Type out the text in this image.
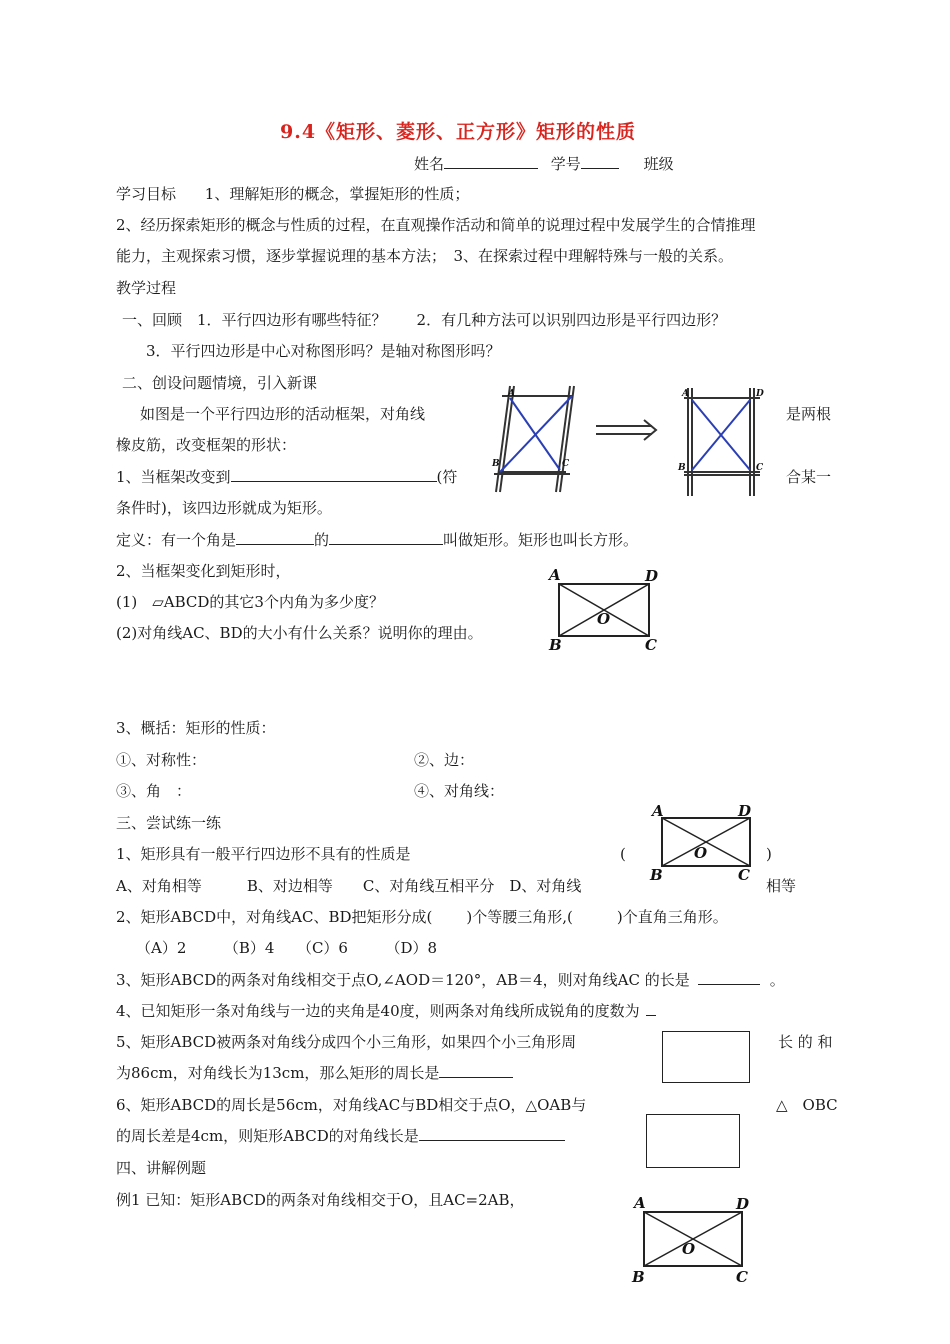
9.4《矩形、菱形、正方形》矩形的性质
姓名	学号	班级
学习目标 1、理解矩形的概念，掌握矩形的性质；
2、经历探索矩形的概念与性质的过程，在直观操作活动和简单的说理过程中发展学生的合情推理
能力，主观探索习惯，逐步掌握说理的基本方法；　3、在探索过程中理解特殊与一般的关系。
教学过程
一、回顾　1．平行四边形有哪些特征？　　2．有几种方法可以识别四边形是平行四边形？
3．平行四边形是中心对称图形吗？是轴对称图形吗？
二、创设问题情境，引入新课
如图是一个平行四边形的活动框架，对角线	是两根
橡皮筋，改变框架的形状：
1、当框架改变到	(符	合某一
条件时)，该四边形就成为矩形。
A
B	C
A	D
B	C
定义：有一个角是	的	叫做矩形。矩形也叫长方形。
2、当框架变化到矩形时，
(1)　▱ABCD的其它3个内角为多少度？
(2)对角线AC、BD的大小有什么关系？说明你的理由。
A	D
O
B	C
3、概括：矩形的性质：
①、对称性：	②、边：
③、角　：	④、对角线：
三、尝试练一练
1、矩形具有一般平行四边形不具有的性质是	(	)
A、对角相等　　　B、对边相等　　C、对角线互相平分　D、对角线	相等
A	D
O
B	C
2、矩形ABCD中，对角线AC、BD把矩形分成( )个等腰三角形,(	)个直角三角形。
（A）2　　　（B）4　　（C）6　　　（D）8
3、矩形ABCD的两条对角线相交于点O,∠AOD＝120°，AB＝4，则对角线AC 的长是	。
4、已知矩形一条对角线与一边的夹角是40度，则两条对角线所成锐角的度数为
5、矩形ABCD被两条对角线分成四个小三角形，如果四个小三角形周	长 的 和
为86cm，对角线长为13cm，那么矩形的周长是
6、矩形ABCD的周长是56cm，对角线AC与BD相交于点O，△OAB与	△　OBC
的周长差是4cm，则矩形ABCD的对角线长是
四、讲解例题
例1 已知：矩形ABCD的两条对角线相交于O，且AC=2AB，	A	D
O
B	C
